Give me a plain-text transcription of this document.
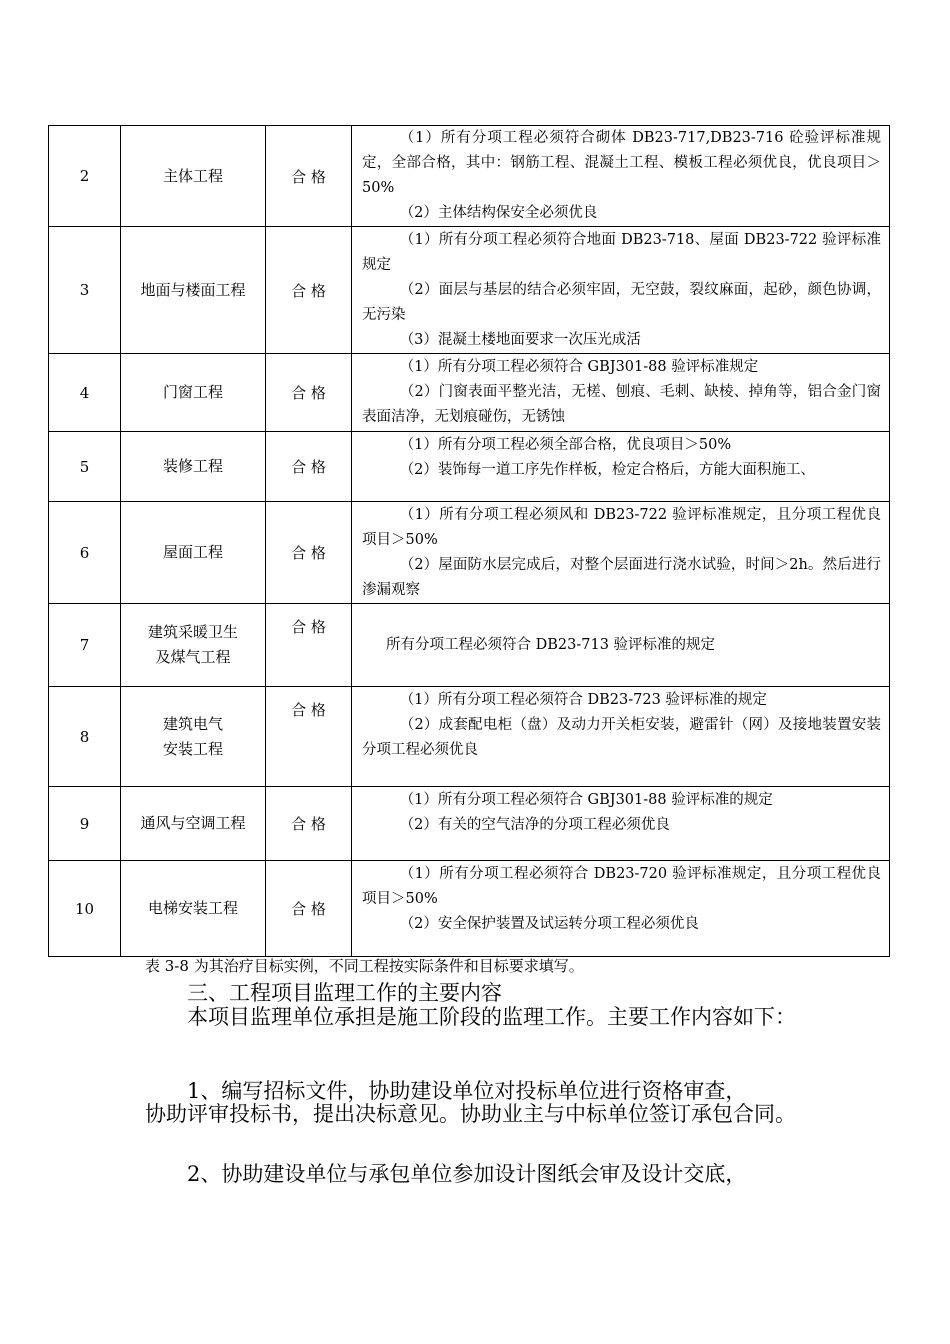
2	主体工程	合 格	（1）所有分项工程必须符合砌体 DB23-717,DB23-716 砼验评标准规定，全部合格，其中：钢筋工程、混凝土工程、模板工程必须优良，优良项目＞50%

（2）主体结构保安全必须优良

3	地面与楼面工程	合 格	（1）所有分项工程必须符合地面 DB23-718、屋面 DB23-722 验评标准规定

（2）面层与基层的结合必须牢固，无空鼓，裂纹麻面，起砂，颜色协调，无污染

（3）混凝土楼地面要求一次压光成活

4	门窗工程	合 格	（1）所有分项工程必须符合 GBJ301-88 验评标准规定

（2）门窗表面平整光洁，无槎、刨痕、毛刺、缺棱、掉角等，铝合金门窗表面洁净，无划痕碰伤，无锈蚀

5	装修工程	合 格	（1）所有分项工程必须全部合格，优良项目＞50%

（2）装饰每一道工序先作样板，检定合格后，方能大面积施工、

6	屋面工程	合 格	（1）所有分项工程必须风和 DB23-722 验评标准规定，且分项工程优良项目＞50%

（2）屋面防水层完成后，对整个层面进行浇水试验，时间＞2h。然后进行渗漏观察

7	建筑采暖卫生及煤气工程	合 格	所有分项工程必须符合 DB23-713 验评标准的规定

8	建筑电气安装工程	合 格	（1）所有分项工程必须符合 DB23-723 验评标准的规定

（2）成套配电柜（盘）及动力开关柜安装，避雷针（网）及接地装置安装分项工程必须优良

9	通风与空调工程	合 格	（1）所有分项工程必须符合 GBJ301-88 验评标准的规定

（2）有关的空气洁净的分项工程必须优良

10	电梯安装工程	合 格	（1）所有分项工程必须符合 DB23-720 验评标准规定，且分项工程优良项目＞50%

（2）安全保护装置及试运转分项工程必须优良

表 3-8 为其治疗目标实例，不同工程按实际条件和目标要求填写。
三、工程项目监理工作的主要内容
本项目监理单位承担是施工阶段的监理工作。主要工作内容如下：
1、编写招标文件，协助建设单位对投标单位进行资格审查，
协助评审投标书，提出决标意见。协助业主与中标单位签订承包合同。
2、协助建设单位与承包单位参加设计图纸会审及设计交底，
